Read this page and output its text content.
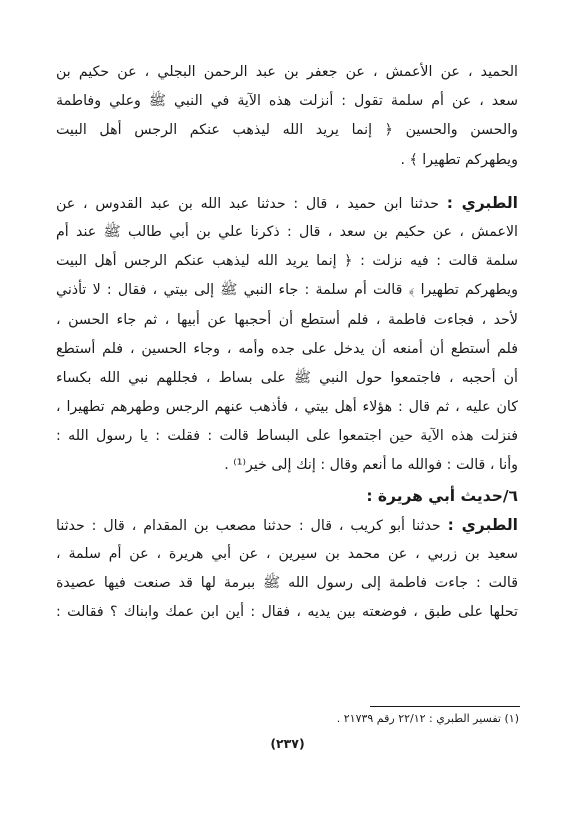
الحميد ، عن الأعمش ، عن جعفر بن عبد الرحمن البجلي ، عن حكيم بن
سعد ، عن أم سلمة تقول : أنزلت هذه الآية في النبي ﷺ وعلي وفاطمة
والحسن والحسين ﴿ إنما يريد الله ليذهب عنكم الرجس أهل البيت
ويطهركم تطهيرا ﴾ .
الطبري : حدثنا ابن حميد ، قال : حدثنا عبد الله بن عبد القدوس ، عن
الاعمش ، عن حكيم بن سعد ، قال : ذكرنا علي بن أبي طالب ﷺ عند أم
سلمة قالت : فيه نزلت : ﴿ إنما يريد الله ليذهب عنكم الرجس أهل البيت
ويطهركم تطهيرا ﴾ قالت أم سلمة : جاء النبي ﷺ إلى بيتي ، فقال : لا تأذني
لأحد ، فجاءت فاطمة ، فلم أستطع أن أحجبها عن أبيها ، ثم جاء الحسن ،
فلم أستطع أن أمنعه أن يدخل على جده وأمه ، وجاء الحسين ، فلم أستطع
أن أحجبه ، فاجتمعوا حول النبي ﷺ على بساط ، فجللهم نبي الله بكساء
كان عليه ، ثم قال : هؤلاء أهل بيتي ، فأذهب عنهم الرجس وطهرهم تطهيرا ،
فنزلت هذه الآية حين اجتمعوا على البساط قالت : فقلت : يا رسول الله :
وأنا ، قالت : فوالله ما أنعم وقال : إنك إلى خير⁽¹⁾ .
٦/حديث أبي هريرة :
الطبري : حدثنا أبو كريب ، قال : حدثنا مصعب بن المقدام ، قال : حدثنا
سعيد بن زربي ، عن محمد بن سيرين ، عن أبي هريرة ، عن أم سلمة ،
قالت : جاءت فاطمة إلى رسول الله ﷺ ببرمة لها قد صنعت فيها عصيدة
تحلها على طبق ، فوضعته بين يديه ، فقال : أين ابن عمك وابناك ؟ فقالت :
(١) تفسير الطبري : ٢٢/١٢ رقم ٢١٧٣٩ .
(٢٣٧)
